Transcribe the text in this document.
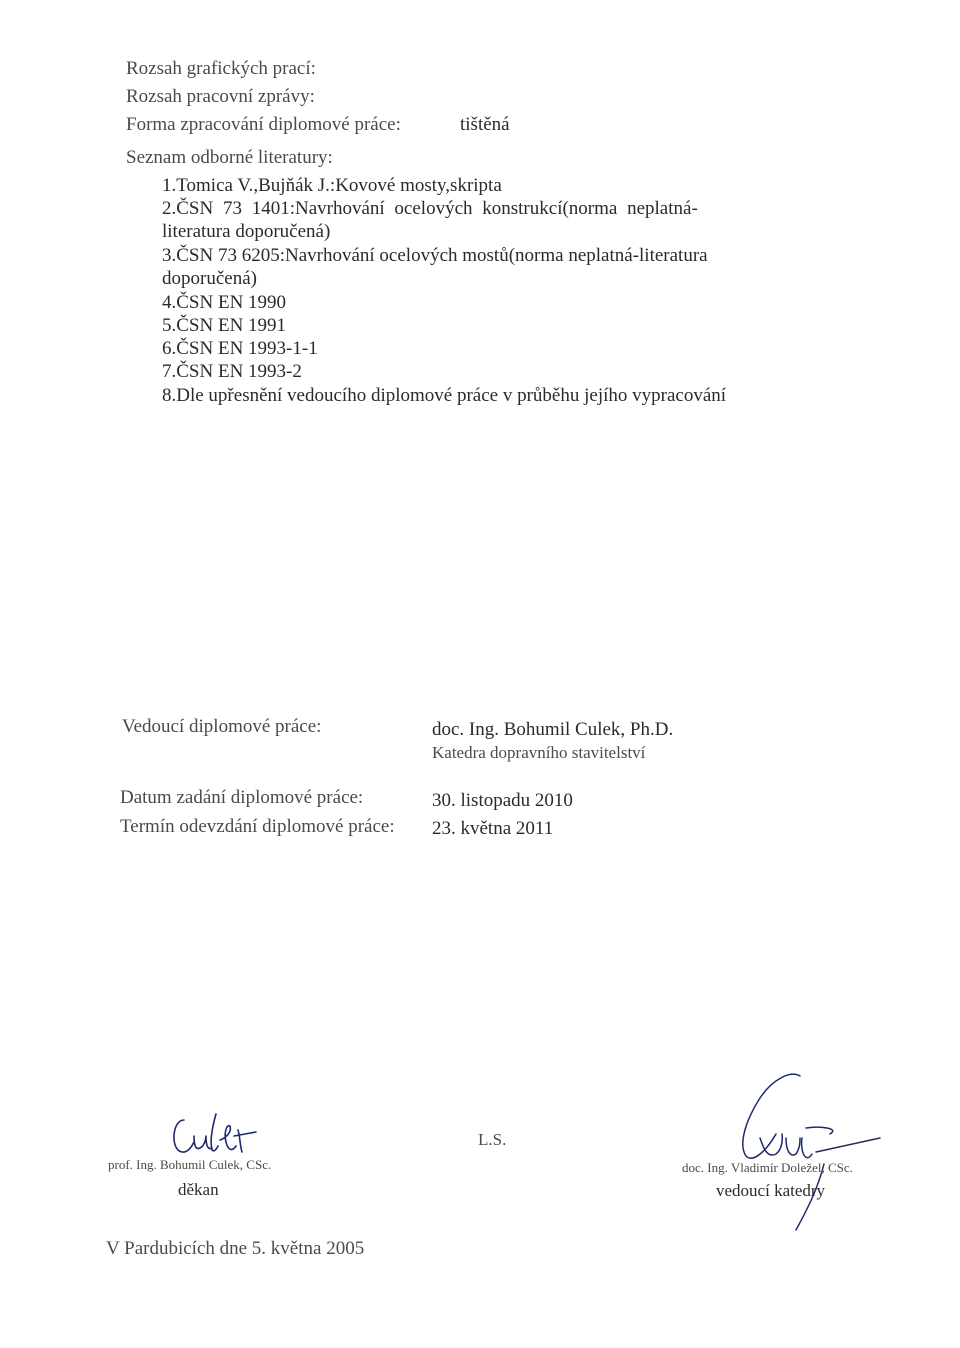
Rozsah grafických prací:
Rozsah pracovní zprávy:
Forma zpracování diplomové práce:	tištěná
Seznam odborné literatury:
1.Tomica V.,Bujňák J.:Kovové mosty,skripta
2.ČSN 73 1401:Navrhování ocelových konstrukcí(norma neplatná-
literatura doporučená)
3.ČSN 73 6205:Navrhování ocelových mostů(norma neplatná-literatura
doporučená)
4.ČSN EN 1990
5.ČSN EN 1991
6.ČSN EN 1993-1-1
7.ČSN EN 1993-2
8.Dle upřesnění vedoucího diplomové práce v průběhu jejího vypracování
Vedoucí diplomové práce:	doc. Ing. Bohumil Culek, Ph.D.
Katedra dopravního stavitelství
Datum zadání diplomové práce:	30. listopadu 2010
Termín odevzdání diplomové práce: 23. května 2011
prof. Ing. Bohumil Culek, CSc.
děkan
L.S.
doc. Ing. Vladimír Doležel, CSc.
vedoucí katedry
V Pardubicích dne 5. května 2005
